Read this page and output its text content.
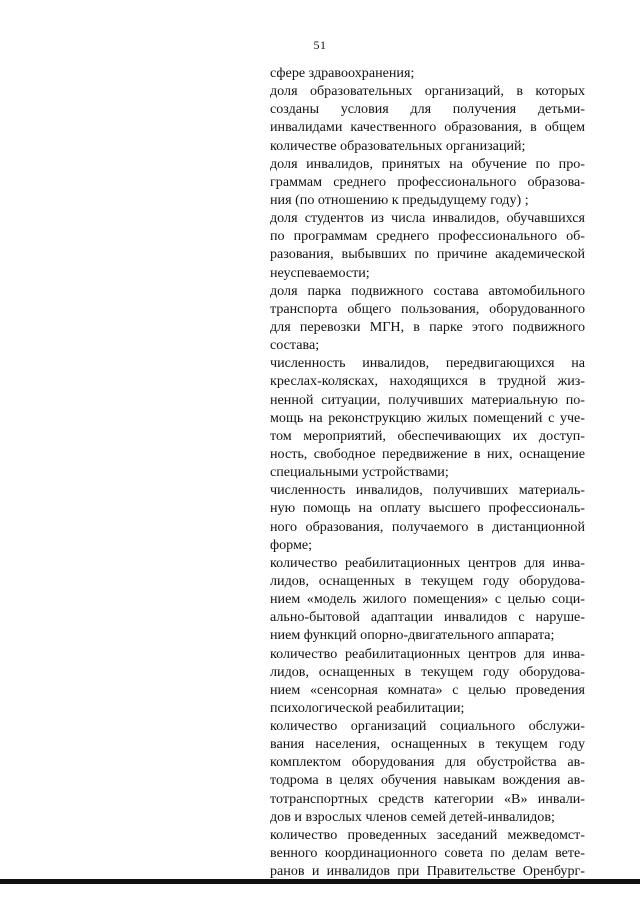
51
сфере здравоохранения;
доля образовательных организаций, в которых
созданы условия для получения детьми-
инвалидами качественного образования, в общем
количестве образовательных организаций;
доля инвалидов, принятых на обучение по про-
граммам среднего профессионального образова-
ния (по отношению к предыдущему году) ;
доля студентов из числа инвалидов, обучавшихся
по программам среднего профессионального об-
разования, выбывших по причине академической
неуспеваемости;
доля парка подвижного состава автомобильного
транспорта общего пользования, оборудованного
для перевозки МГН, в парке этого подвижного
состава;
численность инвалидов, передвигающихся на
креслах-колясках, находящихся в трудной жиз-
ненной ситуации, получивших материальную по-
мощь на реконструкцию жилых помещений с уче-
том мероприятий, обеспечивающих их доступ-
ность, свободное передвижение в них, оснащение
специальными устройствами;
численность инвалидов, получивших материаль-
ную помощь на оплату высшего профессиональ-
ного образования, получаемого в дистанционной
форме;
количество реабилитационных центров для инва-
лидов, оснащенных в текущем году оборудова-
нием «модель жилого помещения» с целью соци-
ально-бытовой адаптации инвалидов с наруше-
нием функций опорно-двигательного аппарата;
количество реабилитационных центров для инва-
лидов, оснащенных в текущем году оборудова-
нием «сенсорная комната» с целью проведения
психологической реабилитации;
количество организаций социального обслужи-
вания населения, оснащенных в текущем году
комплектом оборудования для обустройства ав-
тодрома в целях обучения навыкам вождения ав-
тотранспортных средств категории «В» инвали-
дов и взрослых членов семей детей-инвалидов;
количество проведенных заседаний межведомст-
венного координационного совета по делам вете-
ранов и инвалидов при Правительстве Оренбург-
